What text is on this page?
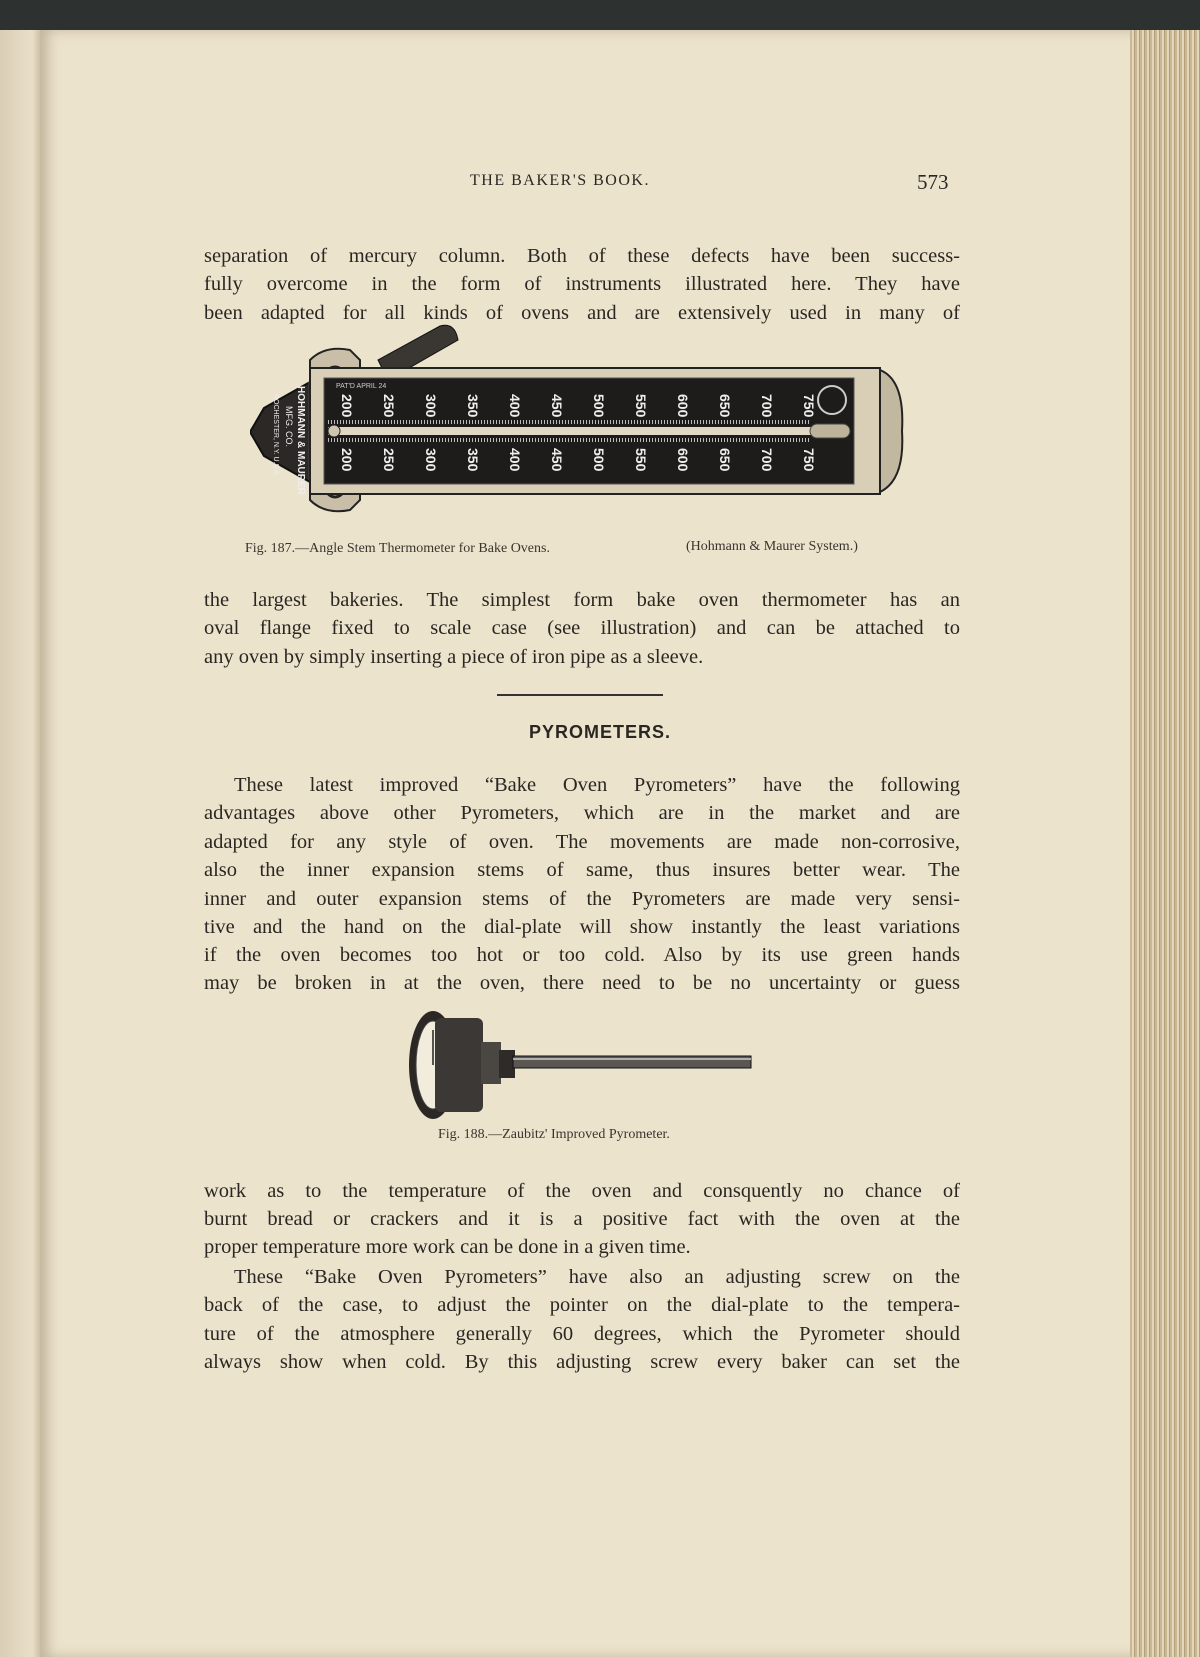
THE BAKER'S BOOK.	573
separation of mercury column. Both of these defects have been success-
fully overcome in the form of instruments illustrated here. They have
been adapted for all kinds of ovens and are extensively used in many of
HOHMANN & MAURER
MFG. CO.
ROCHESTER, N.Y. U.S.A.
PAT'D APRIL 24
200 250 300 350 400 450 500 550 600 650 700 750
200 250 300 350 400 450 500 550 600 650 700 750
Fig. 187.—Angle Stem Thermometer for Bake Ovens.	(Hohmann & Maurer System.)
the largest bakeries. The simplest form bake oven thermometer has an
oval flange fixed to scale case (see illustration) and can be attached to
any oven by simply inserting a piece of iron pipe as a sleeve.
PYROMETERS.
These latest improved “Bake Oven Pyrometers” have the following
advantages above other Pyrometers, which are in the market and are
adapted for any style of oven. The movements are made non-corrosive,
also the inner expansion stems of same, thus insures better wear. The
inner and outer expansion stems of the Pyrometers are made very sensi-
tive and the hand on the dial-plate will show instantly the least variations
if the oven becomes too hot or too cold. Also by its use green hands
may be broken in at the oven, there need to be no uncertainty or guess
Fig. 188.—Zaubitz' Improved Pyrometer.
work as to the temperature of the oven and consquently no chance of
burnt bread or crackers and it is a positive fact with the oven at the
proper temperature more work can be done in a given time.
These “Bake Oven Pyrometers” have also an adjusting screw on the
back of the case, to adjust the pointer on the dial-plate to the tempera-
ture of the atmosphere generally 60 degrees, which the Pyrometer should
always show when cold. By this adjusting screw every baker can set the
